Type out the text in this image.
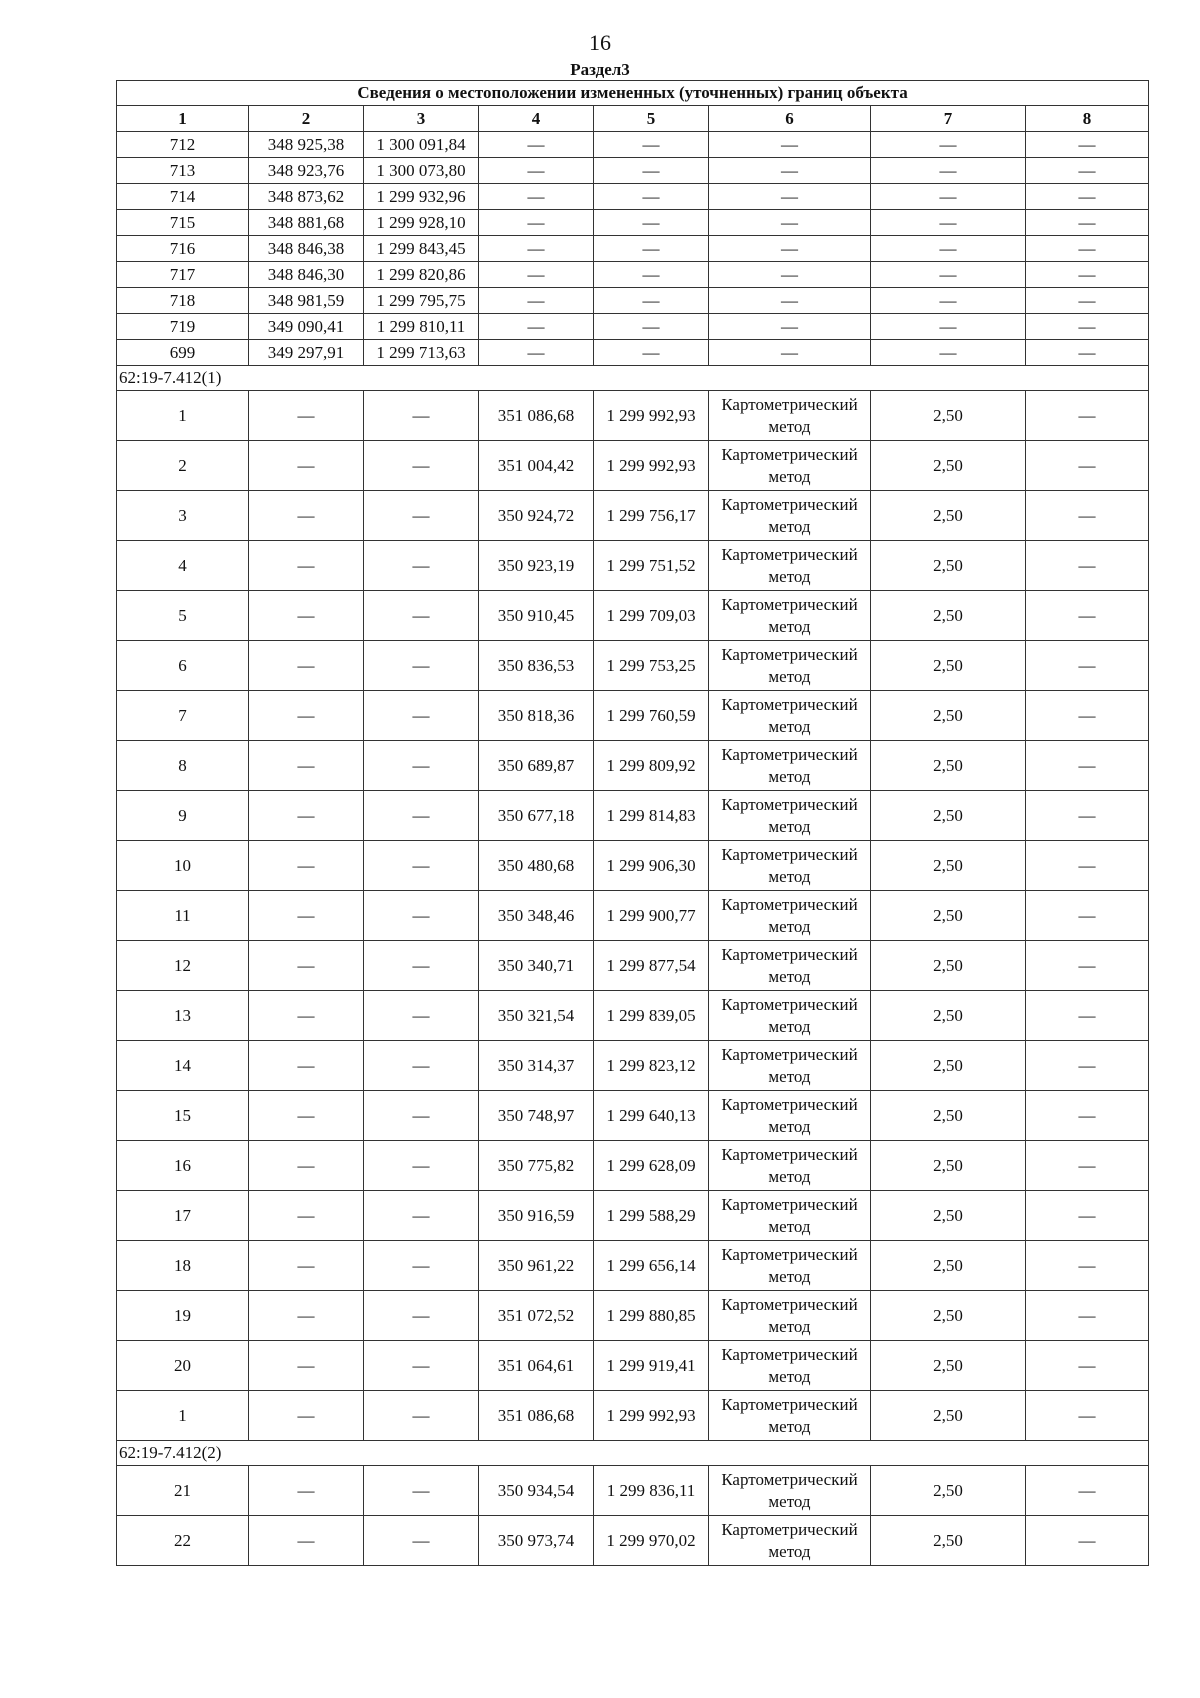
16
Раздел3
Сведения о местоположении измененных (уточненных) границ объекта							
1	2	3	4	5	6	7	8
712	348 925,38	1 300 091,84	—	—	—	—	—
713	348 923,76	1 300 073,80	—	—	—	—	—
714	348 873,62	1 299 932,96	—	—	—	—	—
715	348 881,68	1 299 928,10	—	—	—	—	—
716	348 846,38	1 299 843,45	—	—	—	—	—
717	348 846,30	1 299 820,86	—	—	—	—	—
718	348 981,59	1 299 795,75	—	—	—	—	—
719	349 090,41	1 299 810,11	—	—	—	—	—
699	349 297,91	1 299 713,63	—	—	—	—	—
62:19-7.412(1)							
1	—	—	351 086,68	1 299 992,93	Картометрический метод	2,50	—
2	—	—	351 004,42	1 299 992,93	Картометрический метод	2,50	—
3	—	—	350 924,72	1 299 756,17	Картометрический метод	2,50	—
4	—	—	350 923,19	1 299 751,52	Картометрический метод	2,50	—
5	—	—	350 910,45	1 299 709,03	Картометрический метод	2,50	—
6	—	—	350 836,53	1 299 753,25	Картометрический метод	2,50	—
7	—	—	350 818,36	1 299 760,59	Картометрический метод	2,50	—
8	—	—	350 689,87	1 299 809,92	Картометрический метод	2,50	—
9	—	—	350 677,18	1 299 814,83	Картометрический метод	2,50	—
10	—	—	350 480,68	1 299 906,30	Картометрический метод	2,50	—
11	—	—	350 348,46	1 299 900,77	Картометрический метод	2,50	—
12	—	—	350 340,71	1 299 877,54	Картометрический метод	2,50	—
13	—	—	350 321,54	1 299 839,05	Картометрический метод	2,50	—
14	—	—	350 314,37	1 299 823,12	Картометрический метод	2,50	—
15	—	—	350 748,97	1 299 640,13	Картометрический метод	2,50	—
16	—	—	350 775,82	1 299 628,09	Картометрический метод	2,50	—
17	—	—	350 916,59	1 299 588,29	Картометрический метод	2,50	—
18	—	—	350 961,22	1 299 656,14	Картометрический метод	2,50	—
19	—	—	351 072,52	1 299 880,85	Картометрический метод	2,50	—
20	—	—	351 064,61	1 299 919,41	Картометрический метод	2,50	—
1	—	—	351 086,68	1 299 992,93	Картометрический метод	2,50	—
62:19-7.412(2)							
21	—	—	350 934,54	1 299 836,11	Картометрический метод	2,50	—
22	—	—	350 973,74	1 299 970,02	Картометрический метод	2,50	—
